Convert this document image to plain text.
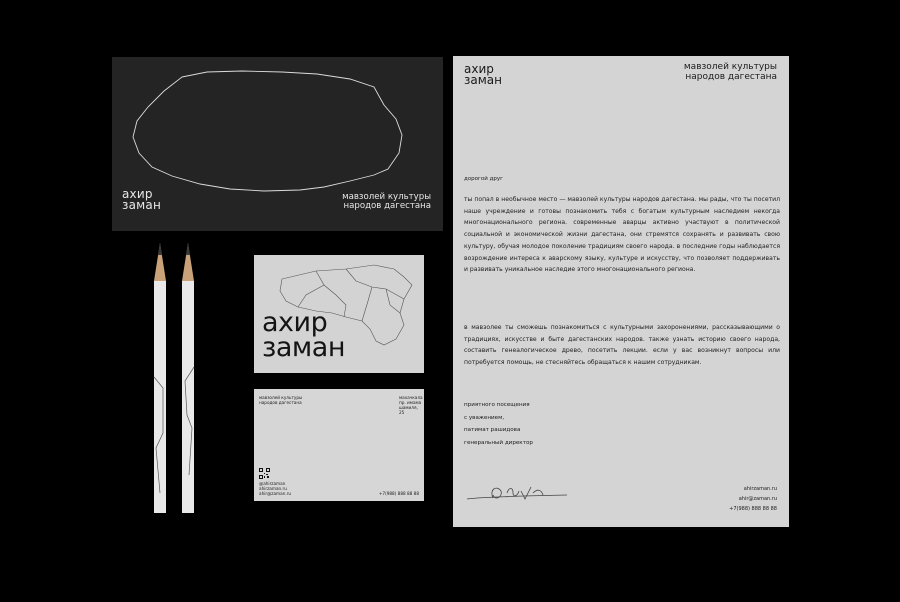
ахир
заман
мавзолей культуры
народов дагестана
ахир
заман
мавзолей культуры
народов дагестана
махачкала
пр. имама шамиля, 25
@ahirzaman
ahirzaman.ru
ahir@zaman.ru	+7(988) 888 88 88
ахир
заман
мавзолей культуры
народов дагестана
дорогой друг
ты попал в необычное место — мавзолей культуры народов дагестана. мы рады, что ты посетил наше учреждение и готовы познакомить тебя с богатым культурным наследием некогда многонационального региона. современные аварцы активно участвуют в политической социальной и экономической жизни дагестана, они стремятся сохранять и развивать свою культуру, обучая молодое поколение традициям своего народа. в последние годы наблюдается возрождение интереса к аварскому языку, культуре и искусству, что позволяет поддерживать и развивать уникальное наследие этого многонационального региона.
в мавзолее ты сможешь познакомиться с культурными захоронениями, рассказывающими о традициях, искусстве и быте дагестанских народов. также узнать историю своего народа, составить генеалогическое древо, посетить лекции. если у вас возникнут вопросы или потребуется помощь, не стесняйтесь обращаться к нашим сотрудникам.
приятного посещения
с уважением,
патимат рашидова
генеральный директор
ahirzaman.ru
ahir@zaman.ru
+7(988) 888 88 88
